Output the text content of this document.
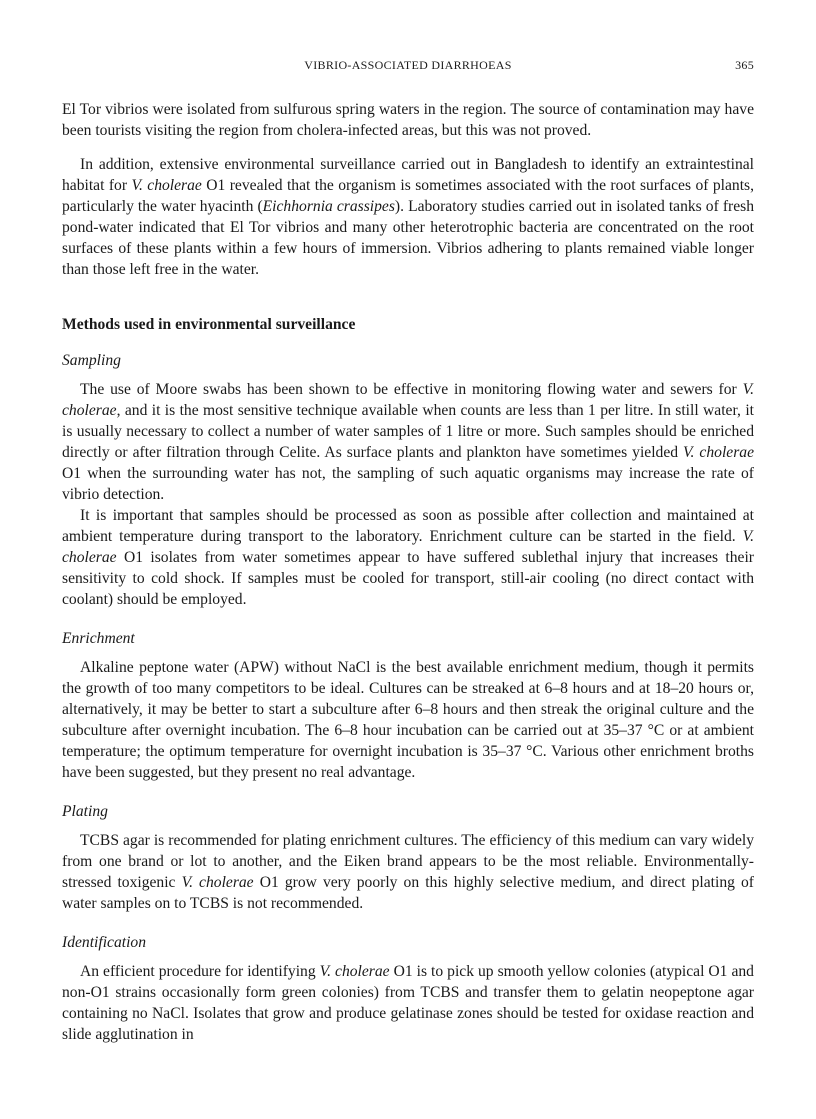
VIBRIO-ASSOCIATED DIARRHOEAS	365

El Tor vibrios were isolated from sulfurous spring waters in the region. The source of contamination may have been tourists visiting the region from cholera-infected areas, but this was not proved.

In addition, extensive environmental surveillance carried out in Bangladesh to identify an extraintestinal habitat for V. cholerae O1 revealed that the organism is sometimes associated with the root surfaces of plants, particularly the water hyacinth (Eichhornia crassipes). Laboratory studies carried out in isolated tanks of fresh pond-water indicated that El Tor vibrios and many other heterotrophic bacteria are concentrated on the root surfaces of these plants within a few hours of immersion. Vibrios adhering to plants remained viable longer than those left free in the water.

Methods used in environmental surveillance
Sampling

The use of Moore swabs has been shown to be effective in monitoring flowing water and sewers for V. cholerae, and it is the most sensitive technique available when counts are less than 1 per litre. In still water, it is usually necessary to collect a number of water samples of 1 litre or more. Such samples should be enriched directly or after filtration through Celite. As surface plants and plankton have sometimes yielded V. cholerae O1 when the surrounding water has not, the sampling of such aquatic organisms may increase the rate of vibrio detection.

It is important that samples should be processed as soon as possible after collection and maintained at ambient temperature during transport to the laboratory. Enrichment culture can be started in the field. V. cholerae O1 isolates from water sometimes appear to have suffered sublethal injury that increases their sensitivity to cold shock. If samples must be cooled for transport, still-air cooling (no direct contact with coolant) should be employed.

Enrichment

Alkaline peptone water (APW) without NaCl is the best available enrichment medium, though it permits the growth of too many competitors to be ideal. Cultures can be streaked at 6–8 hours and at 18–20 hours or, alternatively, it may be better to start a subculture after 6–8 hours and then streak the original culture and the subculture after overnight incubation. The 6–8 hour incubation can be carried out at 35–37 °C or at ambient temperature; the optimum temperature for overnight incubation is 35–37 °C. Various other enrichment broths have been suggested, but they present no real advantage.

Plating

TCBS agar is recommended for plating enrichment cultures. The efficiency of this medium can vary widely from one brand or lot to another, and the Eiken brand appears to be the most reliable. Environmentally-stressed toxigenic V. cholerae O1 grow very poorly on this highly selective medium, and direct plating of water samples on to TCBS is not recommended.

Identification

An efficient procedure for identifying V. cholerae O1 is to pick up smooth yellow colonies (atypical O1 and non-O1 strains occasionally form green colonies) from TCBS and transfer them to gelatin neopeptone agar containing no NaCl. Isolates that grow and produce gelatinase zones should be tested for oxidase reaction and slide agglutination in
